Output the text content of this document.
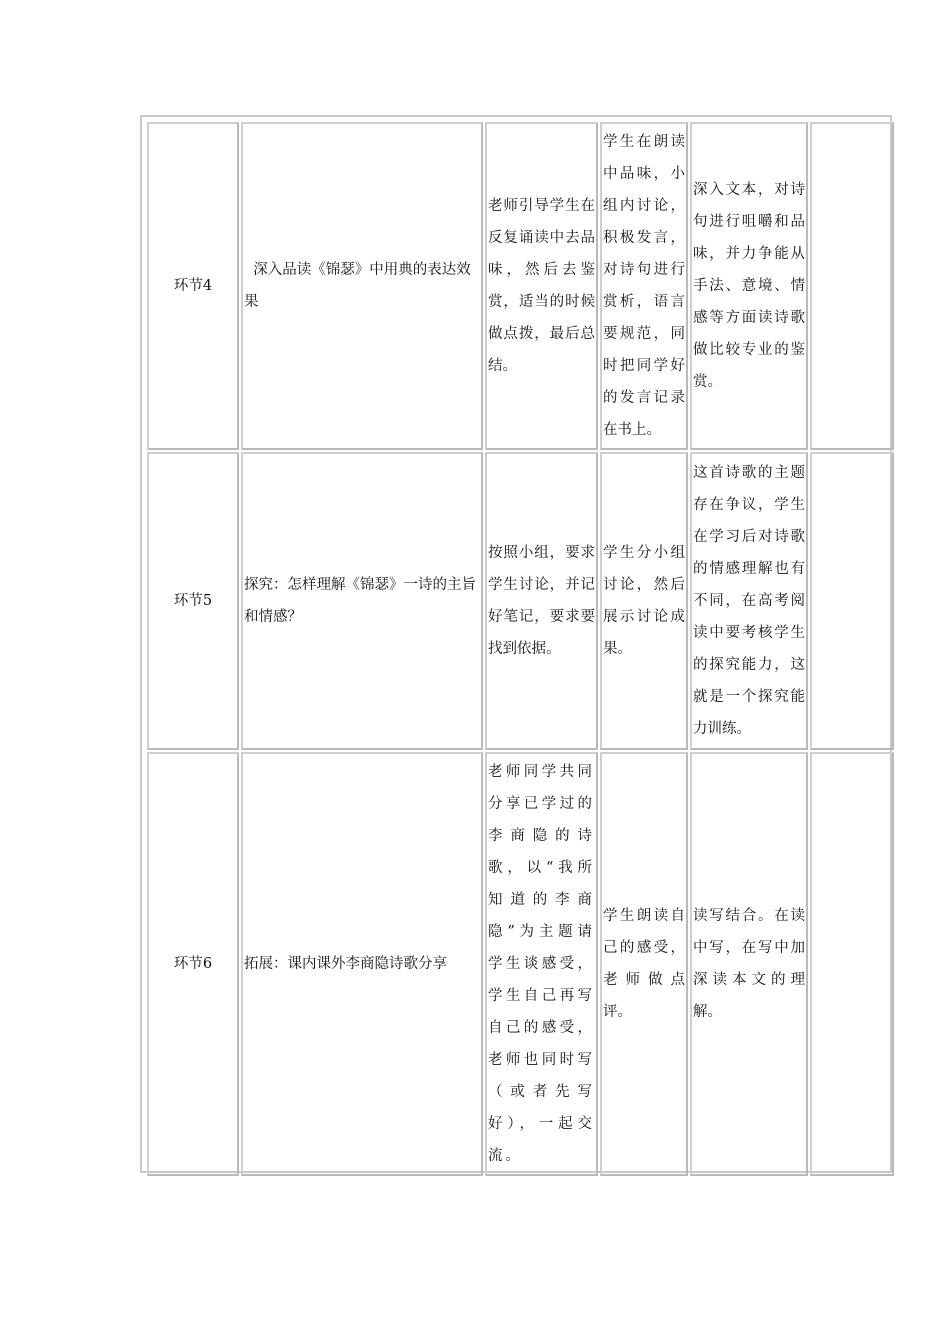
环节4	深入品读《锦瑟》中用典的表达效果	老师引导学生在反复诵读中去品味，然后去鉴赏，适当的时候做点拨，最后总结。	学生在朗读中品味，小组内讨论，积极发言，对诗句进行赏析，语言要规范，同时把同学好的发言记录在书上。	深入文本，对诗句进行咀嚼和品味，并力争能从手法、意境、情感等方面读诗歌做比较专业的鉴赏。	
环节5	探究：怎样理解《锦瑟》一诗的主旨和情感？	按照小组，要求学生讨论，并记好笔记，要求要找到依据。	学生分小组讨论，然后展示讨论成果。	这首诗歌的主题存在争议，学生在学习后对诗歌的情感理解也有不同，在高考阅读中要考核学生的探究能力，这就是一个探究能力训练。	
环节6	拓展：课内课外李商隐诗歌分享	老师同学共同分享已学过的李商隐的诗歌，以“我所知道的李商隐”为主题请学生谈感受，学生自己再写自己的感受，老师也同时写（或者先写好），一起交流。	学生朗读自己的感受，老师做点评。	读写结合。在读中写，在写中加深读本文的理解。	
